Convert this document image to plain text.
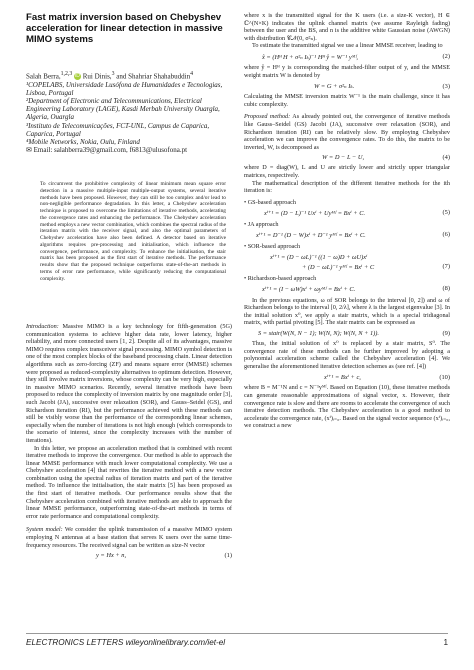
Fast matrix inversion based on Chebyshev acceleration for linear detection in massive MIMO systems
Salah Berra,$^{1,2,3}$ iD Rui Dinis,$^3$ and Shahriar Shahabuddin$^4$
¹COPELABS, Universidade Lusófona de Humanidades e Tecnologias, Lisboa, Portugal
²Department of Electronic and Telecommunications, Electrical Engineering Laboratory (LAGE), Kasdi Merbah University Ouargla, Algeria, Ouargla
³Instituto de Telecomunicações, FCT-UNL, Campus de Caparica, Caparica, Portugal
⁴Mobile Networks, Nokia, Oulu, Finland
✉ Email: salahberra39@gmail.com, f6813@ulusofona.pt
To circumvent the prohibitive complexity of linear minimum mean square error detection in a massive multiple-input multiple-output systems, several iterative methods have been proposed. However, they can still be too complex and/or lead to non-negligible performance degradation. In this letter, a Chebyshev acceleration technique is proposed to overcome the limitations of iterative methods, accelerating the convergence rates and enhancing the performance. The Chebyshev acceleration method employs a new vector combination, which combines the spectral radius of the iteration matrix with the receiver signal, and also the optimal parameters of Chebyshev acceleration have also been defined. A detector based on iterative algorithms requires pre-processing and initialisation, which influence the convergence, performance, and complexity. To enhance the initialisation, the stair matrix has been proposed as the first start of iterative methods. The performance results show that the proposed technique outperforms state-of-the-art methods in terms of error rate performance, while significantly reducing the computational complexity.

Introduction: Massive MIMO is a key technology for fifth-generation (5G) communication systems to achieve higher data rate, lower latency, higher reliability, and more connected users [1, 2]. Despite all of its advantages, massive MIMO requires complex transceiver signal processing. MIMO symbol detection is one of the most complex blocks of the baseband processing chain. Linear detection algorithms such as zero-forcing (ZF) and means square error (MMSE) schemes were proposed as reduced-complexity alternatives to optimum detection. However, they still involve matrix inversions, whose complexity can be very high, especially in massive MIMO scenarios. Recently, several iterative methods have been proposed to reduce the complexity of inversion matrix by one magnitude order [3], such Jacobi (JA), successive over relaxation (SOR), and Gauss–Seidel (GS), and Richardson iteration (RI), but the performance achieved with these methods can still be visibly worse than the performance of the corresponding linear schemes, especially when the number of iterations is not high enough (which corresponds to the scenario of interest, since the complexity increases with the number of iterations).

In this letter, we propose an acceleration method that is combined with recent iterative methods to improve the convergence. Our method is able to approach the linear MMSE performance with much lower computational complexity. We use a Chebyshev acceleration [4] that rewrites the iterative method with a new vector combination using the spectral radius of iteration matrix and part of the iterative method. To influence the initialisation, the stair matrix [5] has been proposed as the first start of iterative methods. Our performance results show that the Chebyshev acceleration combined with iterative methods are able to approach the linear MMSE performance, outperforming state-of-the-art methods in terms of error rate performance and computational complexity.

System model: We consider the uplink transmission of a massive MIMO system employing N antennas at a base station that serves K users over the same time-frequency resources. The received signal can be written as size-N vector

y = Hx + n,	(1)

where x is the transmitted signal for the K users (i.e. a size-K vector), H ∈ ℂ^(N×K) indicates the uplink channel matrix (we assume Rayleigh fading) between the user and the BS, and n is the additive white Gaussian noise (AWGN) with distribution 𝒞𝒩(0, σ²ₙ).

To estimate the transmitted signal we use a linear MMSE receiver, leading to

x̂ = (Hᴴ H + σ²ₙ Iₖ)⁻¹ Hᴴ ŷ = W⁻¹ yᴹᶠ,	(2)

where ŷ = Hᴴ y is corresponding the matched-filter output of y, and the MMSE weight matrix W is denoted by

W = G + σ²ₙ Iₖ.	(3)

Calculating the MMSE inversion matrix W⁻¹ is the main challenge, since it has cubic complexity.

Proposed method: As already pointed out, the convergence of iterative methods like Gauss–Seidel (GS) Jacobi (JA), successive over relaxation (SOR), and Richardson iteration (RI) can be relatively slow. By employing Chebyshev acceleration we can improve the convergence rates. To do this, the matrix to be inverted, W, is decomposed as

W = D − L − U,	(4)

where D = diag(W), L and U are strictly lower and strictly upper triangular matrices, respectively.

The mathematical description of the different iterative methods for the ith iteration is:

• GS-based approach
xⁱ⁺¹ = (D − L)⁻¹ Uxⁱ + Uyᴹᶠ = Bxⁱ + C.	(5)
• JA approach
xⁱ⁺¹ = D⁻¹ (D − W)xⁱ + D⁻¹ yᴹᶠ = Bxⁱ + C.	(6)
• SOR-based approach
xⁱ⁺¹ = (D − ωL)⁻¹ ((1 − ω)D + ωU)xⁱ
+ (D − ωL)⁻¹ yᴹᶠ = Bxⁱ + C	(7)
• Richardson-based approach
xⁱ⁺¹ = (I − ωW)xⁱ + ωyᴹᶠ = Bxⁱ + C.	(8)

In the previous equations, ω of SOR belongs to the interval [0, 2]) and ω of Richardson belongs to the interval [0, 2/λ], where λ is the largest eigenvalue [3]. In the initial solution x⁰, we apply a stair matrix, which is a special tridiagonal matrix, with partial pivoting [5]. The stair matrix can be expressed as

S = stair(W(N, N − 1); W(N, N); W(N, N + 1)).	(9)

Thus, the initial solution of x⁰ is replaced by a stair matrix, S⁰. The convergence rate of these methods can be further improved by adopting a polynomial acceleration scheme called the Chebyshev acceleration [4]. We generalise the aforementioned iterative detection schemes as (see ref. [4])

xⁱ⁺¹ = Bxⁱ + c,	(10)

where B = M⁻¹N and c = N⁻¹yᴹᶠ. Based on Equation (10), these iterative methods can generate reasonable approximations of signal vector, x. However, their convergence rate is slow and there are rooms to accelerate the convergence of such iterative detection methods. The Chebyshev acceleration is a good method to accelerate the convergence rate, (xⁱ)ᵢ₌₀. Based on the signal vector sequence (xⁱ)ᵢ₌₀, we construct a new

ELECTRONICS LETTERS wileyonlinelibrary.com/iet-el	1
